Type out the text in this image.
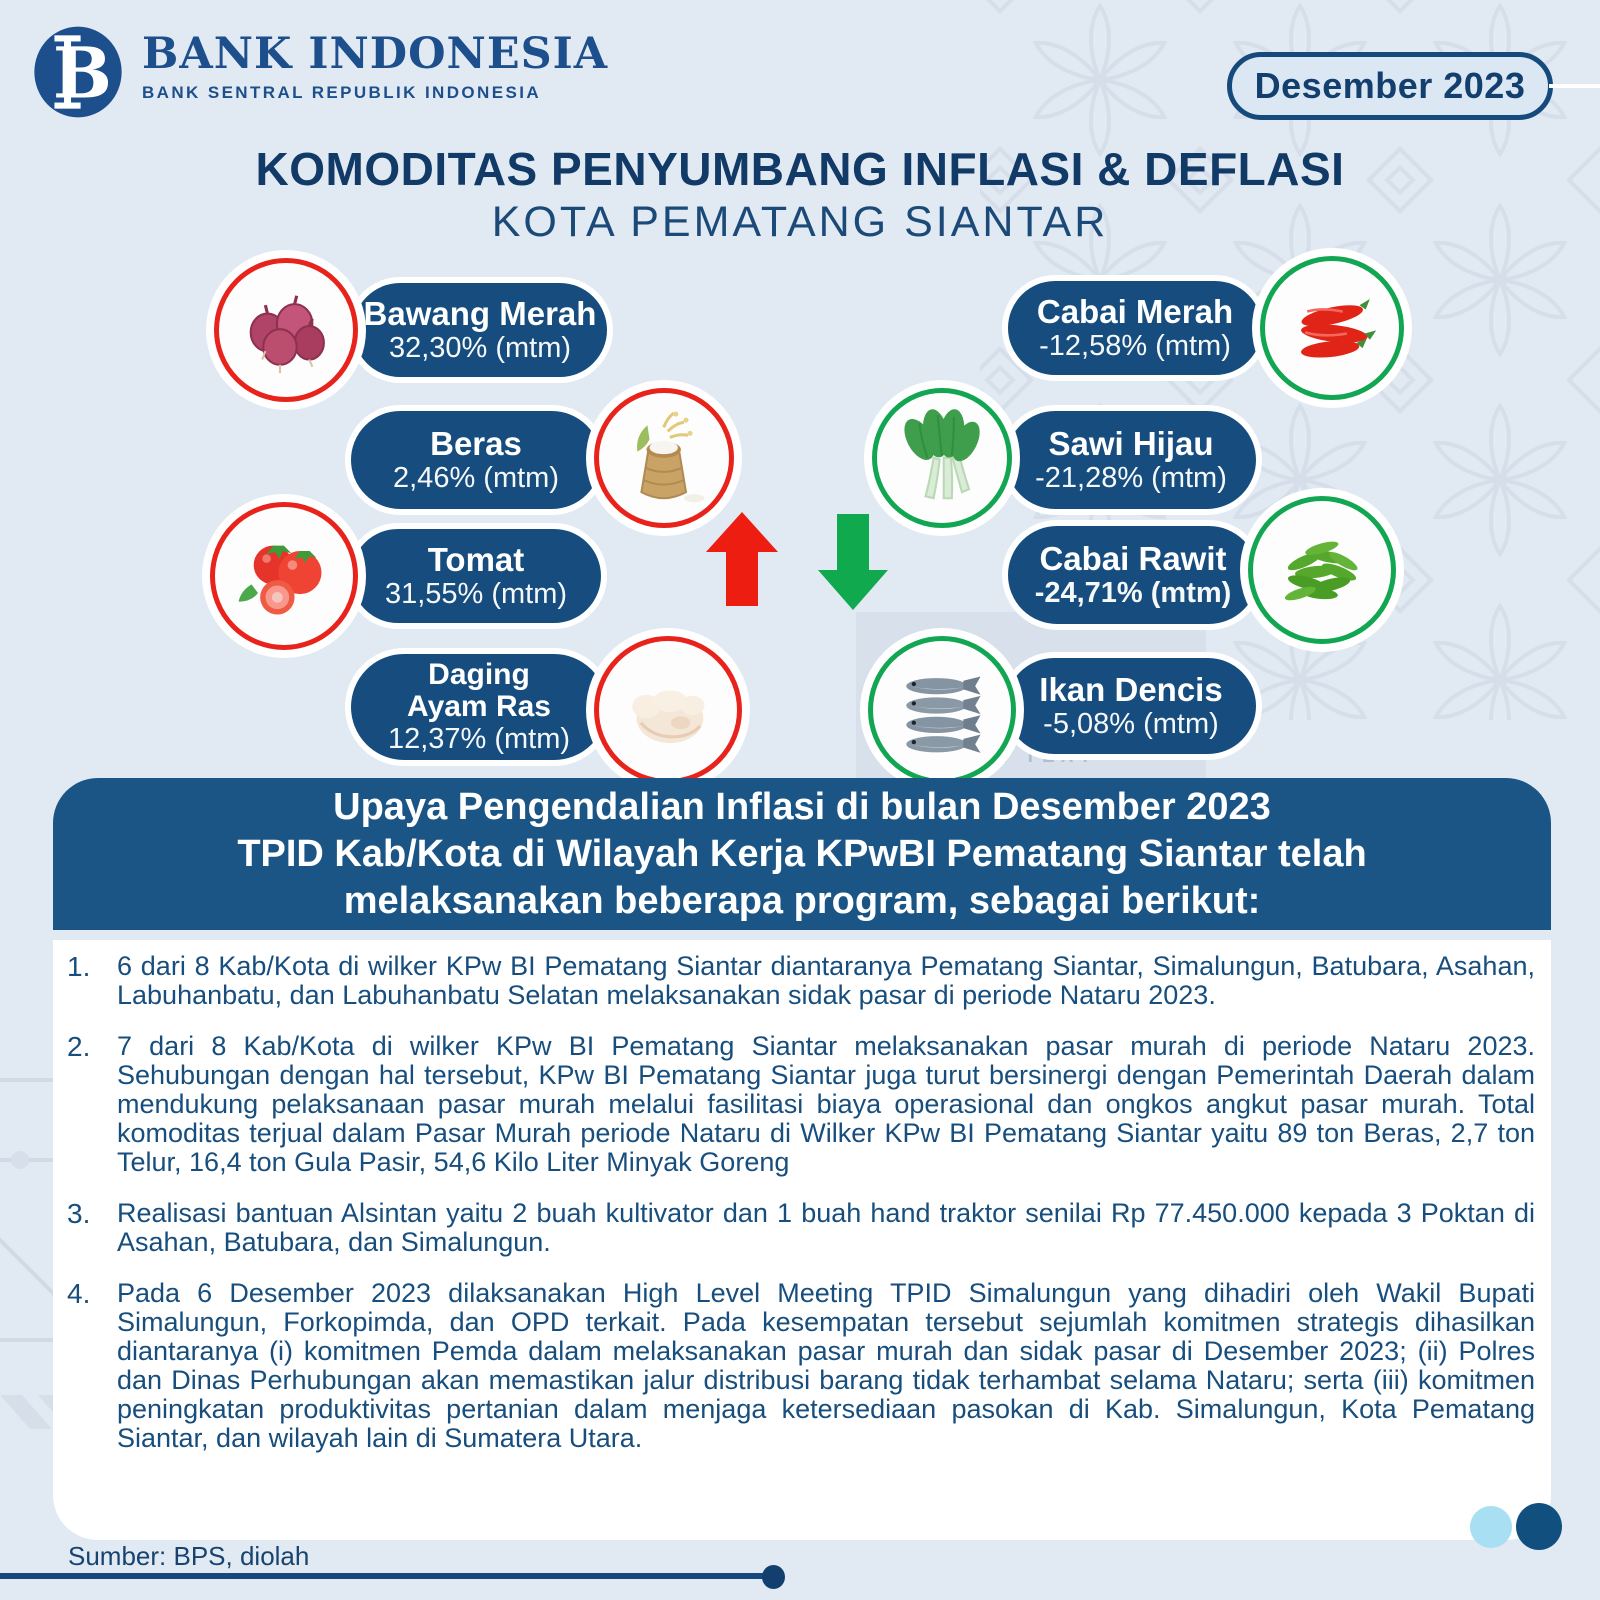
B BANK INDONESIA
BANK SENTRAL REPUBLIK INDONESIA	Desember 2023
KOMODITAS PENYUMBANG INFLASI & DEFLASI
KOTA PEMATANG SIANTAR
Bawang Merah
32,30% (mtm)
Beras
2,46% (mtm)
Tomat
31,55% (mtm)
Daging Ayam Ras
12,37% (mtm)
Cabai Merah
-12,58% (mtm)
Sawi Hijau
-21,28% (mtm)
Cabai Rawit
-24,71% (mtm)
Ikan Dencis
-5,08% (mtm)
Upaya Pengendalian Inflasi di bulan Desember 2023
TPID Kab/Kota di Wilayah Kerja KPwBI Pematang Siantar telah
melaksanakan beberapa program, sebagai berikut:
1. 6 dari 8 Kab/Kota di wilker KPw BI Pematang Siantar diantaranya Pematang Siantar, Simalungun, Batubara, Asahan, Labuhanbatu, dan Labuhanbatu Selatan melaksanakan sidak pasar di periode Nataru 2023.
2. 7 dari 8 Kab/Kota di wilker KPw BI Pematang Siantar melaksanakan pasar murah di periode Nataru 2023. Sehubungan dengan hal tersebut, KPw BI Pematang Siantar juga turut bersinergi dengan Pemerintah Daerah dalam mendukung pelaksanaan pasar murah melalui fasilitasi biaya operasional dan ongkos angkut pasar murah. Total komoditas terjual dalam Pasar Murah periode Nataru di Wilker KPw BI Pematang Siantar yaitu 89 ton Beras, 2,7 ton Telur, 16,4 ton Gula Pasir, 54,6 Kilo Liter Minyak Goreng
3. Realisasi bantuan Alsintan yaitu 2 buah kultivator dan 1 buah hand traktor senilai Rp 77.450.000 kepada 3 Poktan di Asahan, Batubara, dan Simalungun.
4. Pada 6 Desember 2023 dilaksanakan High Level Meeting TPID Simalungun yang dihadiri oleh Wakil Bupati Simalungun, Forkopimda, dan OPD terkait. Pada kesempatan tersebut sejumlah komitmen strategis dihasilkan diantaranya (i) komitmen Pemda dalam melaksanakan pasar murah dan sidak pasar di Desember 2023; (ii) Polres dan Dinas Perhubungan akan memastikan jalur distribusi barang tidak terhambat selama Nataru; serta (iii) komitmen peningkatan produktivitas pertanian dalam menjaga ketersediaan pasokan di Kab. Simalungun, Kota Pematang Siantar, dan wilayah lain di Sumatera Utara.
Sumber: BPS, diolah
